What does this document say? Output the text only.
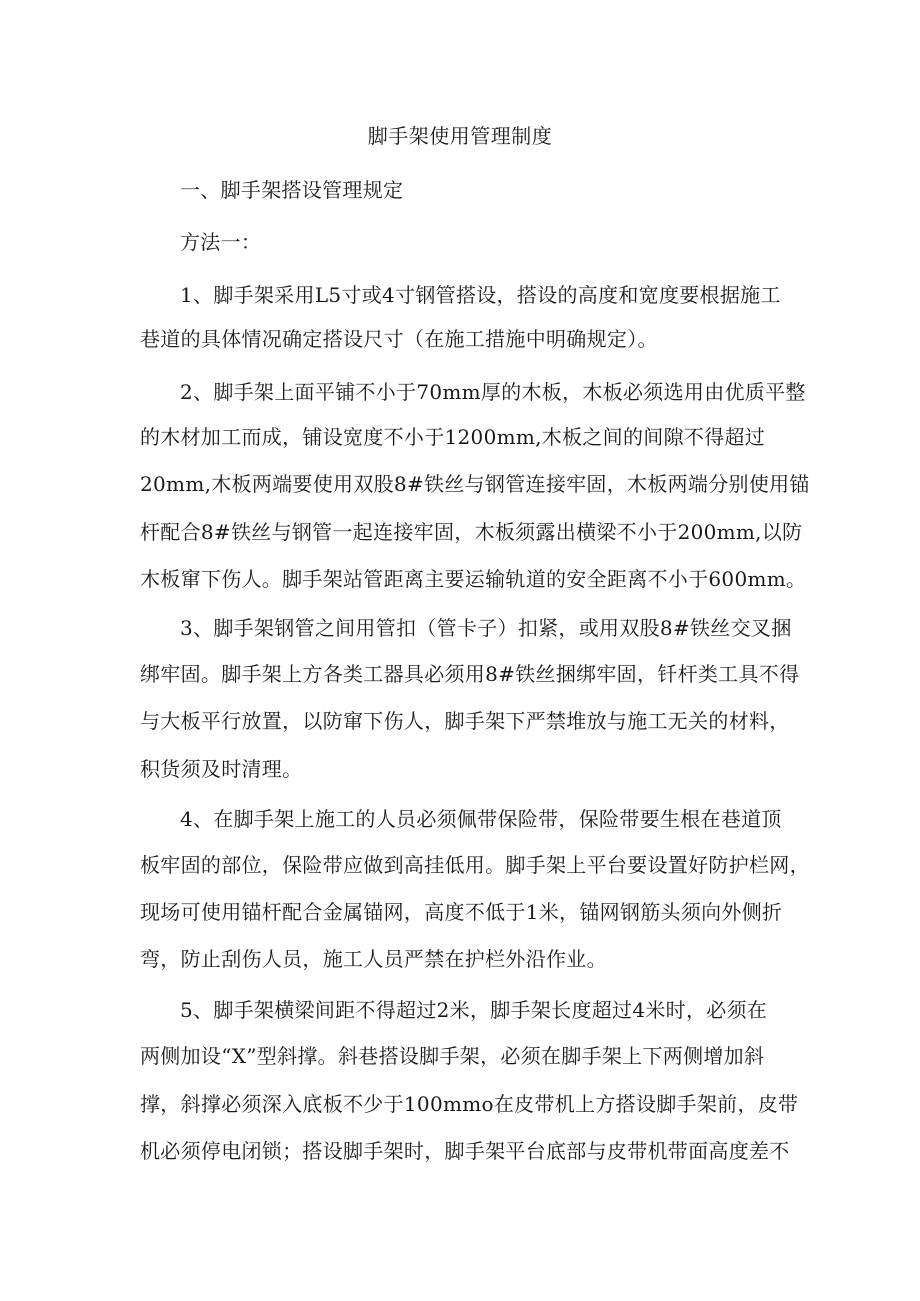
脚手架使用管理制度
一、脚手架搭设管理规定
方法一：
1、脚手架采用L5寸或4寸钢管搭设，搭设的高度和宽度要根据施工
巷道的具体情况确定搭设尺寸（在施工措施中明确规定）。
2、脚手架上面平铺不小于70mm厚的木板，木板必须选用由优质平整
的木材加工而成，铺设宽度不小于1200mm,木板之间的间隙不得超过
20mm,木板两端要使用双股8#铁丝与钢管连接牢固，木板两端分别使用锚
杆配合8#铁丝与钢管一起连接牢固，木板须露出横梁不小于200mm,以防
木板窜下伤人。脚手架站管距离主要运输轨道的安全距离不小于600mm。
3、脚手架钢管之间用管扣（管卡子）扣紧，或用双股8#铁丝交叉捆
绑牢固。脚手架上方各类工器具必须用8#铁丝捆绑牢固，钎杆类工具不得
与大板平行放置，以防窜下伤人，脚手架下严禁堆放与施工无关的材料，
积货须及时清理。
4、在脚手架上施工的人员必须佩带保险带，保险带要生根在巷道顶
板牢固的部位，保险带应做到高挂低用。脚手架上平台要设置好防护栏网，
现场可使用锚杆配合金属锚网，高度不低于1米，锚网钢筋头须向外侧折
弯，防止刮伤人员，施工人员严禁在护栏外沿作业。
5、脚手架横梁间距不得超过2米，脚手架长度超过4米时，必须在
两侧加设“X”型斜撑。斜巷搭设脚手架，必须在脚手架上下两侧增加斜
撑，斜撑必须深入底板不少于100mmo在皮带机上方搭设脚手架前，皮带
机必须停电闭锁；搭设脚手架时，脚手架平台底部与皮带机带面高度差不
